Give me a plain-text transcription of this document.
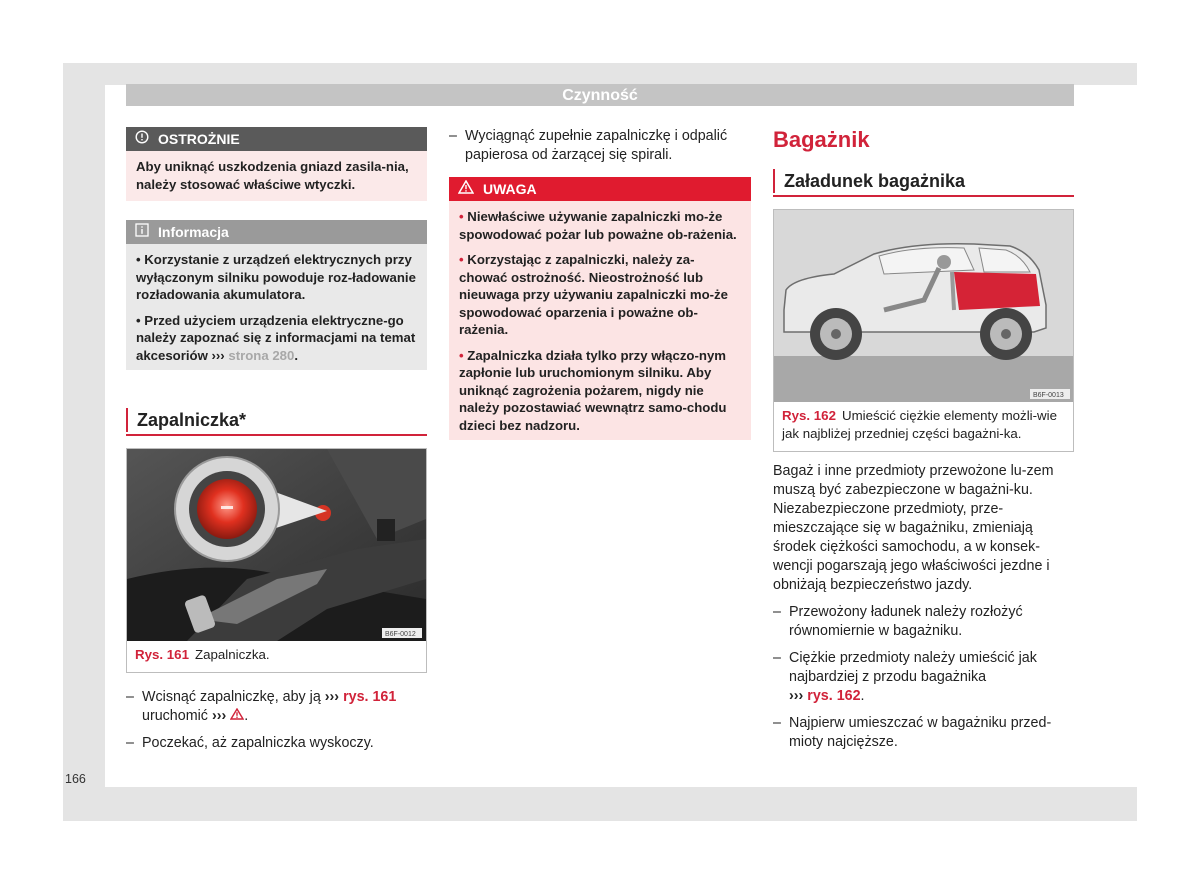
Czynność
OSTROŻNIE
Aby uniknąć uszkodzenia gniazd zasila-nia, należy stosować właściwe wtyczki.
Informacja
• Korzystanie z urządzeń elektrycznych przy wyłączonym silniku powoduje roz-ładowanie rozładowania akumulatora.
• Przed użyciem urządzenia elektryczne-go należy zapoznać się z informacjami na temat akcesoriów ››› strona 280.
Zapalniczka*
B6F-0012
Rys. 161 Zapalniczka.
– Wcisnąć zapalniczkę, aby ją ››› rys. 161
uruchomić ››› .
– Poczekać, aż zapalniczka wyskoczy.
166
– Wyciągnąć zupełnie zapalniczkę i odpalić papierosa od żarzącej się spirali.
UWAGA
• Niewłaściwe używanie zapalniczki mo-że spowodować pożar lub poważne ob-rażenia.
• Korzystając z zapalniczki, należy za-chować ostrożność. Nieostrożność lub nieuwaga przy używaniu zapalniczki mo-że spowodować oparzenia i poważne ob-rażenia.
• Zapalniczka działa tylko przy włączo-nym zapłonie lub uruchomionym silniku. Aby uniknąć zagrożenia pożarem, nigdy nie należy pozostawiać wewnątrz samo-chodu dzieci bez nadzoru.
Bagażnik
Załadunek bagażnika
B6F-0013
Rys. 162 Umieścić ciężkie elementy możli-wie jak najbliżej przedniej części bagażni-ka.
Bagaż i inne przedmioty przewożone lu-zem muszą być zabezpieczone w bagażni-ku. Niezabezpieczone przedmioty, prze-mieszczające się w bagażniku, zmieniają środek ciężkości samochodu, a w konsek-wencji pogarszają jego właściwości jezdne i obniżają bezpieczeństwo jazdy.
– Przewożony ładunek należy rozłożyć równomiernie w bagażniku.
– Ciężkie przedmioty należy umieścić jak najbardziej z przodu bagażnika
››› rys. 162.
– Najpierw umieszczać w bagażniku przed-mioty najcięższe.
